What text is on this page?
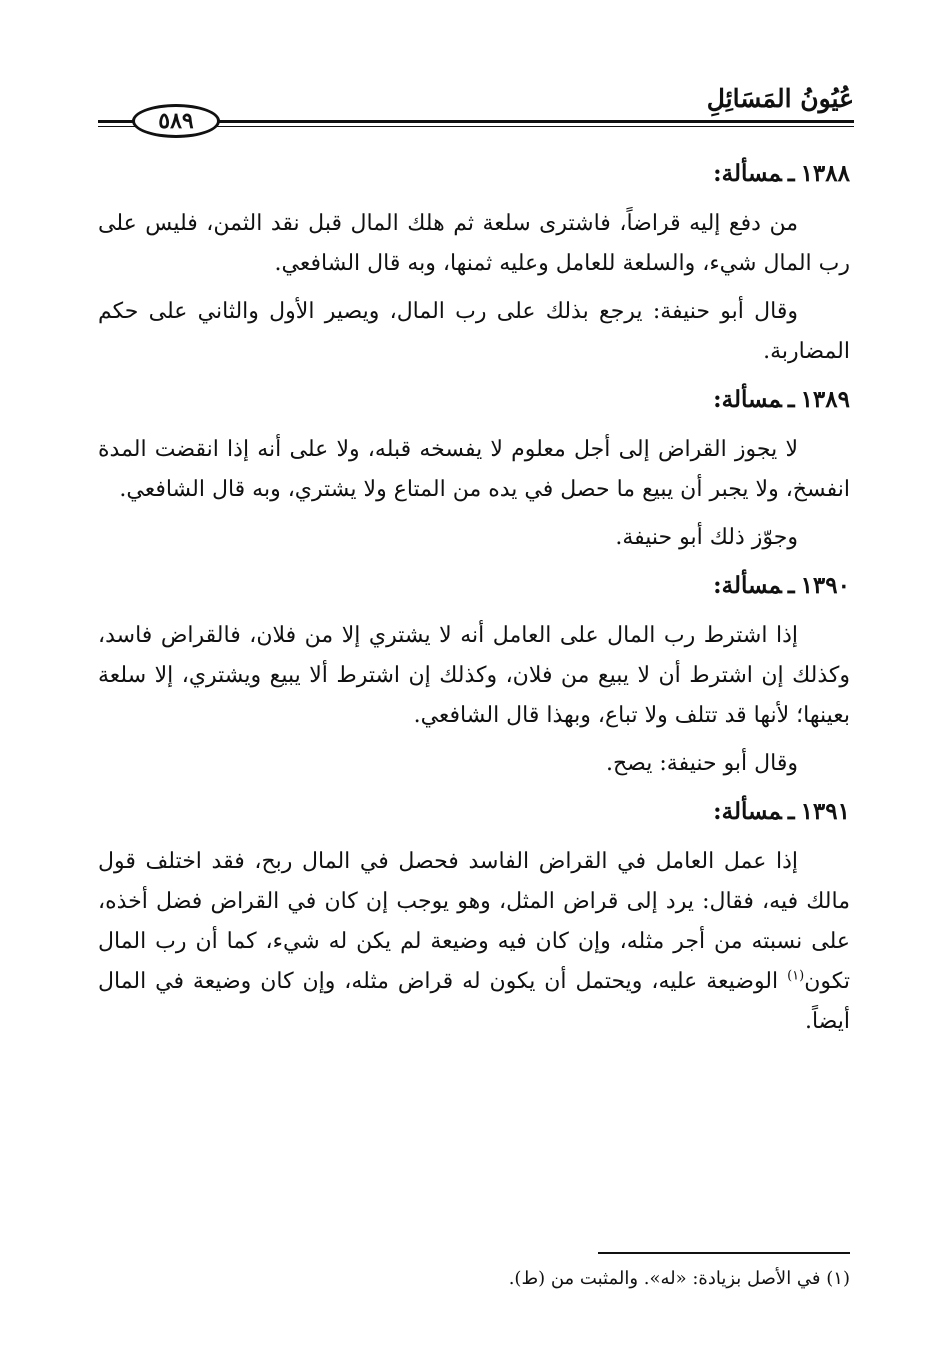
عُيُونُ المَسَائِلِ
٥٨٩
١٣٨٨ـمسألة:

من دفع إليه قراضاً، فاشترى سلعة ثم هلك المال قبل نقد الثمن، فليس على رب المال شيء، والسلعة للعامل وعليه ثمنها، وبه قال الشافعي.

وقال أبو حنيفة: يرجع بذلك على رب المال، ويصير الأول والثاني على حكم المضاربة.

١٣٨٩ـمسألة:

لا يجوز القراض إلى أجل معلوم لا يفسخه قبله، ولا على أنه إذا انقضت المدة انفسخ، ولا يجبر أن يبيع ما حصل في يده من المتاع ولا يشتري، وبه قال الشافعي.

وجوّز ذلك أبو حنيفة.

١٣٩٠ـمسألة:

إذا اشترط رب المال على العامل أنه لا يشتري إلا من فلان، فالقراض فاسد، وكذلك إن اشترط أن لا يبيع من فلان، وكذلك إن اشترط ألا يبيع ويشتري، إلا سلعة بعينها؛ لأنها قد تتلف ولا تباع، وبهذا قال الشافعي.

وقال أبو حنيفة: يصح.

١٣٩١ـمسألة:

إذا عمل العامل في القراض الفاسد فحصل في المال ربح، فقد اختلف قول مالك فيه، فقال: يرد إلى قراض المثل، وهو يوجب إن كان في القراض فضل أخذه، على نسبته من أجر مثله، وإن كان فيه وضيعة لم يكن له شيء، كما أن رب المال تكون$^{(١)}$ الوضيعة عليه، ويحتمل أن يكون له قراض مثله، وإن كان وضيعة في المال أيضاً.

(١) في الأصل بزيادة: «له». والمثبت من (ط).
